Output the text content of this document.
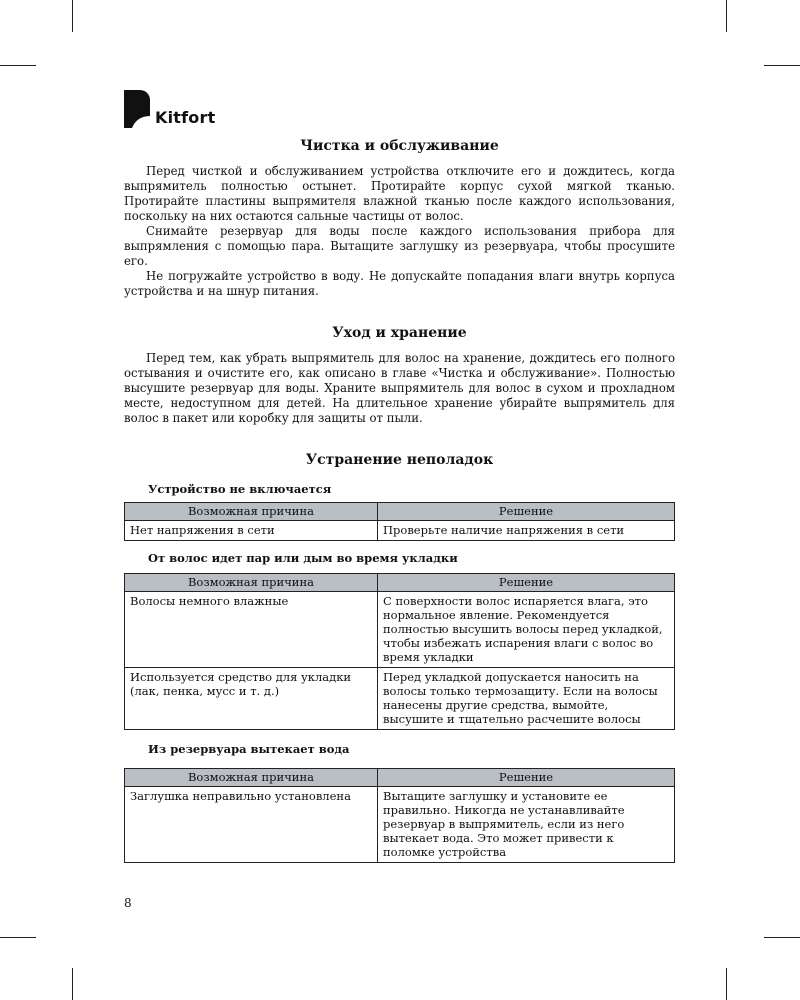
Kitfort
Чистка и обслуживание

Перед чисткой и обслуживанием устройства отключите его и дождитесь, когда выпрямитель полностью остынет. Протирайте корпус сухой мягкой тканью. Протирайте пластины выпрямителя влажной тканью после каждого использования, поскольку на них остаются сальные частицы от волос.

Снимайте резервуар для воды после каждого использования прибора для выпрямления с помощью пара. Вытащите заглушку из резервуара, чтобы просушите его.

Не погружайте устройство в воду. Не допускайте попадания влаги внутрь корпуса устройства и на шнур питания.

Уход и хранение

Перед тем, как убрать выпрямитель для волос на хранение, дождитесь его полного остывания и очистите его, как описано в главе «Чистка и обслуживание». Полностью высушите резервуар для воды. Храните выпрямитель для волос в сухом и прохладном месте, недоступном для детей. На длительное хранение убирайте выпрямитель для волос в пакет или коробку для защиты от пыли.

Устранение неполадок
Устройство не включается
Возможная причина	Решение
Нет напряжения в сети	Проверьте наличие напряжения в сети
От волос идет пар или дым во время укладки
Возможная причина	Решение
Волосы немного влажные	С поверхности волос испаряется влага, это нормальное явление. Рекомендуется полностью высушить волосы перед укладкой, чтобы избежать испарения влаги с волос во время укладки
Используется средство для укладки (лак, пенка, мусс и т. д.)	Перед укладкой допускается наносить на волосы только термозащиту. Если на волосы нанесены другие средства, вымойте, высушите и тщательно расчешите волосы
Из резервуара вытекает вода
Возможная причина	Решение
Заглушка неправильно установлена	Вытащите заглушку и установите ее правильно. Никогда не устанавливайте резервуар в выпрямитель, если из него вытекает вода. Это может привести к поломке устройства
8
